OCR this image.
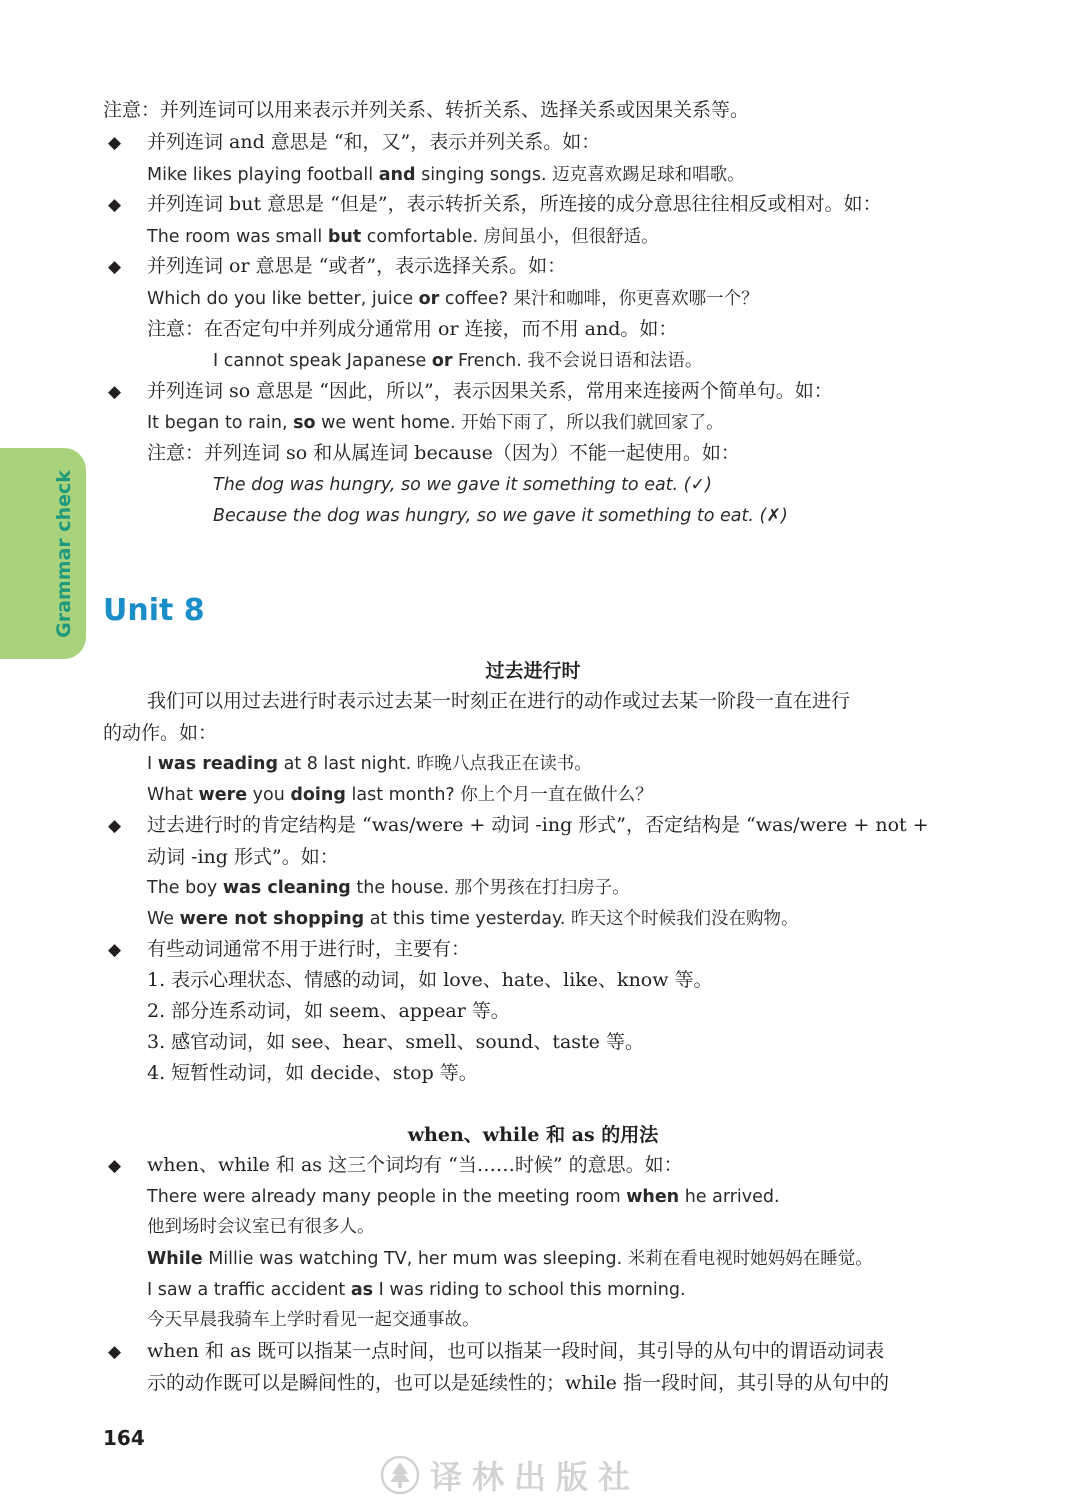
Grammar check
注意：并列连词可以用来表示并列关系、转折关系、选择关系或因果关系等。
◆ 并列连词 and 意思是 “和，又”，表示并列关系。如：
Mike likes playing football and singing songs. 迈克喜欢踢足球和唱歌。
◆ 并列连词 but 意思是 “但是”，表示转折关系，所连接的成分意思往往相反或相对。如：
The room was small but comfortable. 房间虽小，但很舒适。
◆ 并列连词 or 意思是 “或者”，表示选择关系。如：
Which do you like better, juice or coffee? 果汁和咖啡，你更喜欢哪一个？
注意：在否定句中并列成分通常用 or 连接，而不用 and。如：
I cannot speak Japanese or French. 我不会说日语和法语。
◆ 并列连词 so 意思是 “因此，所以”，表示因果关系，常用来连接两个简单句。如：
It began to rain, so we went home. 开始下雨了，所以我们就回家了。
注意：并列连词 so 和从属连词 because（因为）不能一起使用。如：
The dog was hungry, so we gave it something to eat. (✓)
Because the dog was hungry, so we gave it something to eat. (✗)
Unit 8
过去进行时
我们可以用过去进行时表示过去某一时刻正在进行的动作或过去某一阶段一直在进行
的动作。如：
I was reading at 8 last night. 昨晚八点我正在读书。
What were you doing last month? 你上个月一直在做什么？
◆ 过去进行时的肯定结构是 “was/were + 动词 -ing 形式”，否定结构是 “was/were + not +
动词 -ing 形式”。如：
The boy was cleaning the house. 那个男孩在打扫房子。
We were not shopping at this time yesterday. 昨天这个时候我们没在购物。
◆ 有些动词通常不用于进行时，主要有：
1. 表示心理状态、情感的动词，如 love、hate、like、know 等。
2. 部分连系动词，如 seem、appear 等。
3. 感官动词，如 see、hear、smell、sound、taste 等。
4. 短暂性动词，如 decide、stop 等。
when、while 和 as 的用法
◆ when、while 和 as 这三个词均有 “当……时候” 的意思。如：
There were already many people in the meeting room when he arrived.
他到场时会议室已有很多人。
While Millie was watching TV, her mum was sleeping. 米莉在看电视时她妈妈在睡觉。
I saw a traffic accident as I was riding to school this morning.
今天早晨我骑车上学时看见一起交通事故。
◆ when 和 as 既可以指某一点时间，也可以指某一段时间，其引导的从句中的谓语动词表
示的动作既可以是瞬间性的，也可以是延续性的；while 指一段时间，其引导的从句中的
164
译林出版社
